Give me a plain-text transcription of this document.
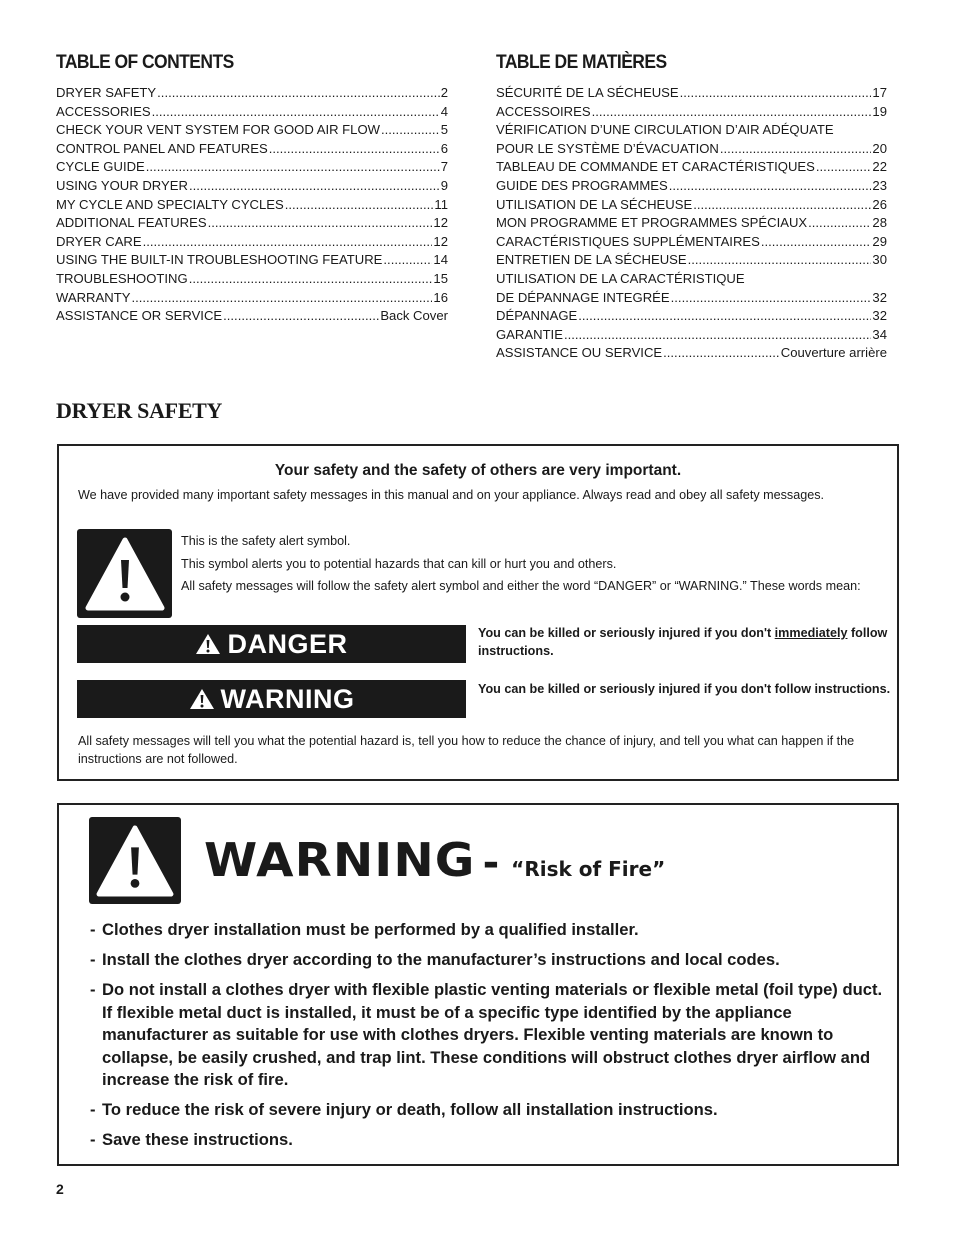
TABLE OF CONTENTS
DRYER SAFETY .....	2
ACCESSORIES .....	4
CHECK YOUR VENT SYSTEM FOR GOOD AIR FLOW .....	5
CONTROL PANEL AND FEATURES .....	6
CYCLE GUIDE .....	7
USING YOUR DRYER .....	9
MY CYCLE AND SPECIALTY CYCLES .....	11
ADDITIONAL FEATURES .....	12
DRYER CARE .....	12
USING THE BUILT-IN TROUBLESHOOTING FEATURE .....	14
TROUBLESHOOTING .....	15
WARRANTY .....	16
ASSISTANCE OR SERVICE .....	Back Cover
TABLE DE MATIÈRES
SÉCURITÉ DE LA SÉCHEUSE .....	17
ACCESSOIRES .....	19
VÉRIFICATION D’UNE CIRCULATION D’AIR ADÉQUATE
POUR LE SYSTÈME D’ÉVACUATION .....	20
TABLEAU DE COMMANDE ET CARACTÉRISTIQUES .....	22
GUIDE DES PROGRAMMES .....	23
UTILISATION DE LA SÉCHEUSE .....	26
MON PROGRAMME ET PROGRAMMES SPÉCIAUX .....	28
CARACTÉRISTIQUES SUPPLÉMENTAIRES .....	29
ENTRETIEN DE LA SÉCHEUSE .....	30
UTILISATION DE LA CARACTÉRISTIQUE
DE DÉPANNAGE INTEGRÉE .....	32
DÉPANNAGE .....	32
GARANTIE .....	34
ASSISTANCE OU SERVICE .....	Couverture arrière
DRYER SAFETY
Your safety and the safety of others are very important.
We have provided many important safety messages in this manual and on your appliance. Always read and obey all safety messages.
This is the safety alert symbol.
This symbol alerts you to potential hazards that can kill or hurt you and others.
All safety messages will follow the safety alert symbol and either the word “DANGER” or “WARNING.” These words mean:
DANGER	You can be killed or seriously injured if you don't immediately follow instructions.
WARNING	You can be killed or seriously injured if you don't follow instructions.
All safety messages will tell you what the potential hazard is, tell you how to reduce the chance of injury, and tell you what can happen if the instructions are not followed.
WARNING - “Risk of Fire”
- Clothes dryer installation must be performed by a qualified installer.
- Install the clothes dryer according to the manufacturer’s instructions and local codes.
- Do not install a clothes dryer with flexible plastic venting materials or flexible metal (foil type) duct. If flexible metal duct is installed, it must be of a specific type identified by the appliance manufacturer as suitable for use with clothes dryers. Flexible venting materials are known to collapse, be easily crushed, and trap lint. These conditions will obstruct clothes dryer airflow and increase the risk of fire.
- To reduce the risk of severe injury or death, follow all installation instructions.
- Save these instructions.
2
